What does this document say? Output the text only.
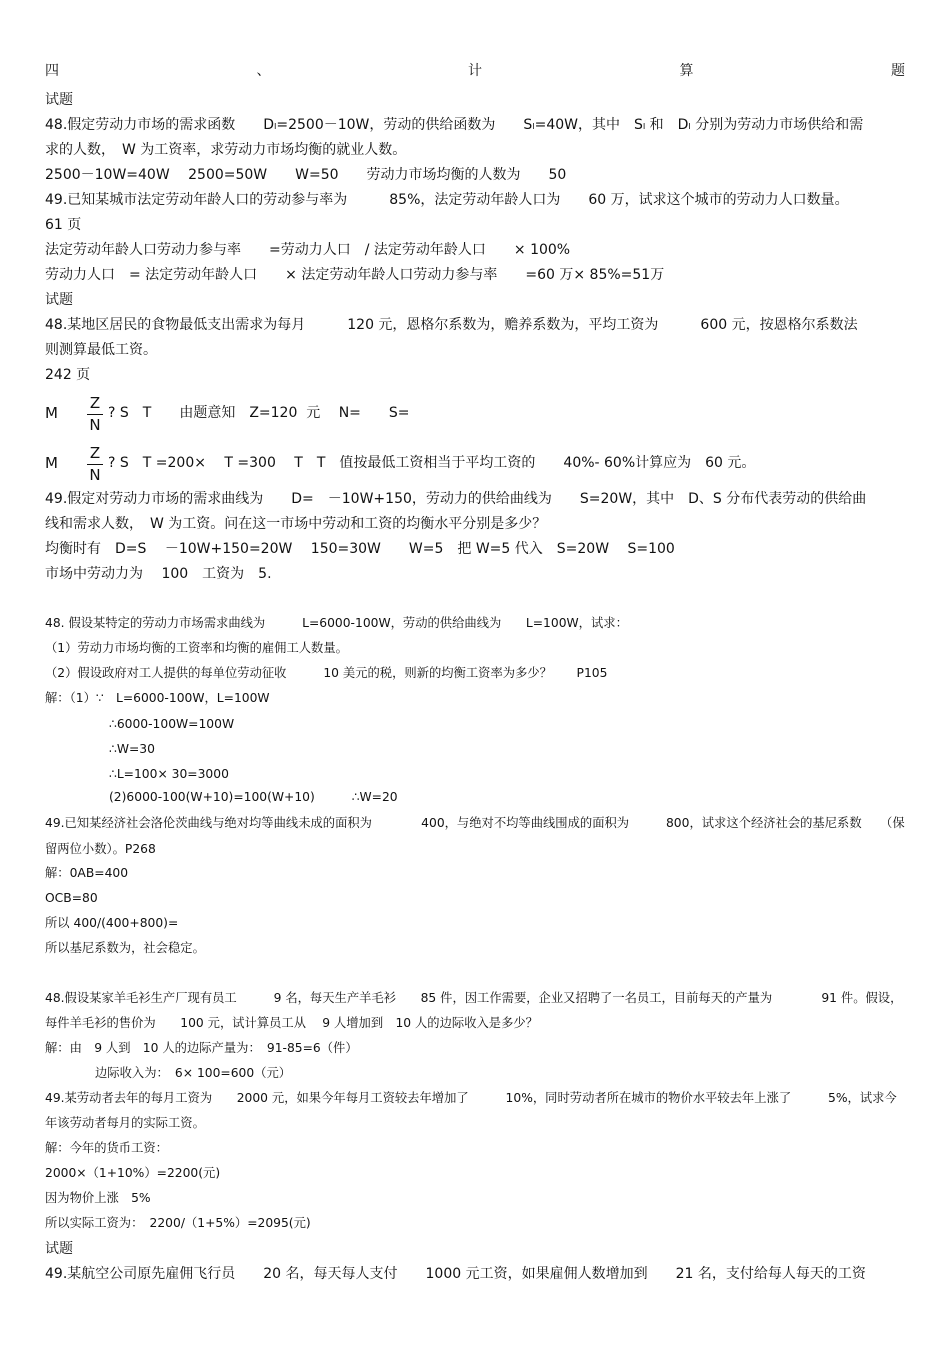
四	、	计	算	题
试题
48.假定劳动力市场的需求函数　　Dₗ=2500－10W，劳动的供给函数为　　Sₗ=40W，其中　Sₗ 和　Dₗ 分别为劳动力市场供给和需
求的人数，　W 为工资率，求劳动力市场均衡的就业人数。
2500－10W=40W　 2500=50W　　W=50　　劳动力市场均衡的人数为　　50
49.已知某城市法定劳动年龄人口的劳动参与率为　　　85%，法定劳动年龄人口为　　60 万，试求这个城市的劳动力人口数量。
61 页
法定劳动年龄人口劳动力参与率　　=劳动力人口　/ 法定劳动年龄人口　　× 100%
劳动力人口　= 法定劳动年龄人口　　× 法定劳动年龄人口劳动力参与率　　=60 万× 85%=51万
试题
48.某地区居民的食物最低支出需求为每月　　　120 元，恩格尔系数为，赡养系数为，平均工资为　　　600 元，按恩格尔系数法
则测算最低工资。
242 页
M
Z
N
? S　T　　由题意知　Z=120  元　 N=　　S=
M
Z
N
? S　T =200×　 T =300　 T　T　值按最低工资相当于平均工资的　　40%- 60%计算应为　60 元。
49.假定对劳动力市场的需求曲线为　　D=　－10W+150，劳动力的供给曲线为　　S=20W，其中　D、S 分布代表劳动的供给曲
线和需求人数，　W 为工资。问在这一市场中劳动和工资的均衡水平分别是多少？
均衡时有　D=S　 －10W+150=20W　 150=30W　　W=5　把 W=5 代入　S=20W　 S=100
市场中劳动力为　 100　工资为　5.
48. 假设某特定的劳动力市场需求曲线为　　　L=6000-100W，劳动的供给曲线为　　L=100W，试求：
（1）劳动力市场均衡的工资率和均衡的雇佣工人数量。
（2）假设政府对工人提供的每单位劳动征收　　　10 美元的税，则新的均衡工资率为多少？　　P105
解：（1）∵　L=6000-100W，L=100W
∴6000-100W=100W
∴W=30
∴L=100× 30=3000
(2)6000-100(W+10)=100(W+10)　　　∴W=20
49.已知某经济社会洛伦茨曲线与绝对均等曲线未成的面积为　　　　400，与绝对不均等曲线围成的面积为　　　800，试求这个经济社会的基尼系数　　（保
留两位小数）。P268
解：0AB=400
OCB=80
所以 400/(400+800)=
所以基尼系数为，社会稳定。
48.假设某家羊毛衫生产厂现有员工　　　9 名，每天生产羊毛衫　　85 件，因工作需要，企业又招聘了一名员工，目前每天的产量为　　　　91 件。假设，
每件羊毛衫的售价为　　100 元，试计算员工从　 9 人增加到　10 人的边际收入是多少？
解：由　9 人到　10 人的边际产量为：　91-85=6（件）
边际收入为：　6× 100=600（元）
49.某劳动者去年的每月工资为　　2000 元，如果今年每月工资较去年增加了　　　10%，同时劳动者所在城市的物价水平较去年上涨了　　　5%，试求今
年该劳动者每月的实际工资。
解：今年的货币工资：
2000×（1+10%）=2200(元)
因为物价上涨　5%
所以实际工资为：　2200/（1+5%）=2095(元)
试题
49.某航空公司原先雇佣飞行员　　20 名，每天每人支付　　1000 元工资，如果雇佣人数增加到　　21 名，支付给每人每天的工资
